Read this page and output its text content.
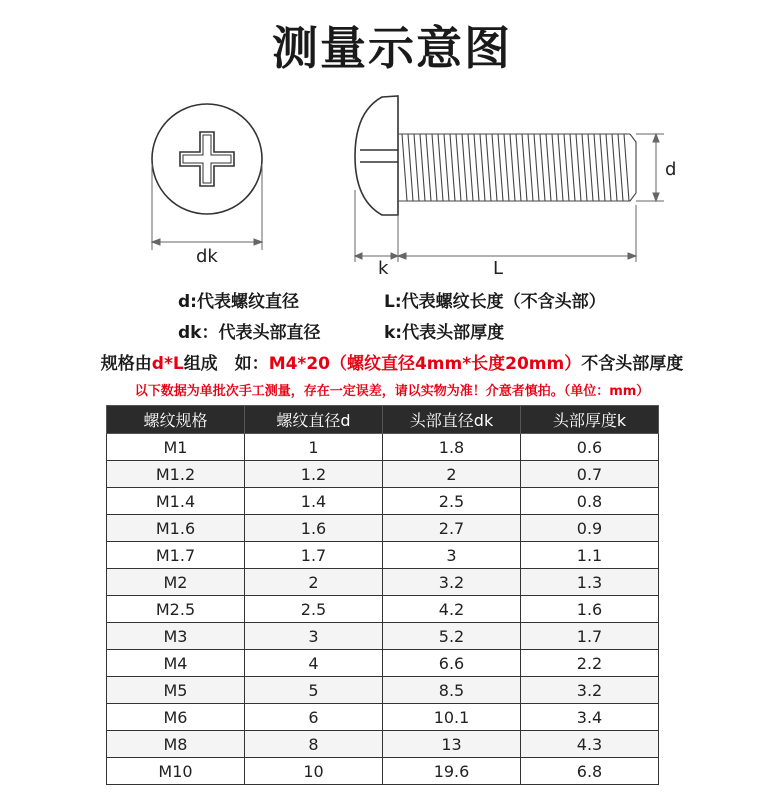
测量示意图
dk
d
k	L
d:代表螺纹直径	L:代表螺纹长度（不含头部）
dk：代表头部直径	k:代表头部厚度
规格由d*L组成　如：M4*20（螺纹直径4mm*长度20mm）不含头部厚度
以下数据为单批次手工测量，存在一定误差，请以实物为准！介意者慎拍。（单位：mm）
螺纹规格	螺纹直径d	头部直径dk	头部厚度k
M1	1	1.8	0.6
M1.2	1.2	2	0.7
M1.4	1.4	2.5	0.8
M1.6	1.6	2.7	0.9
M1.7	1.7	3	1.1
M2	2	3.2	1.3
M2.5	2.5	4.2	1.6
M3	3	5.2	1.7
M4	4	6.6	2.2
M5	5	8.5	3.2
M6	6	10.1	3.4
M8	8	13	4.3
M10	10	19.6	6.8
